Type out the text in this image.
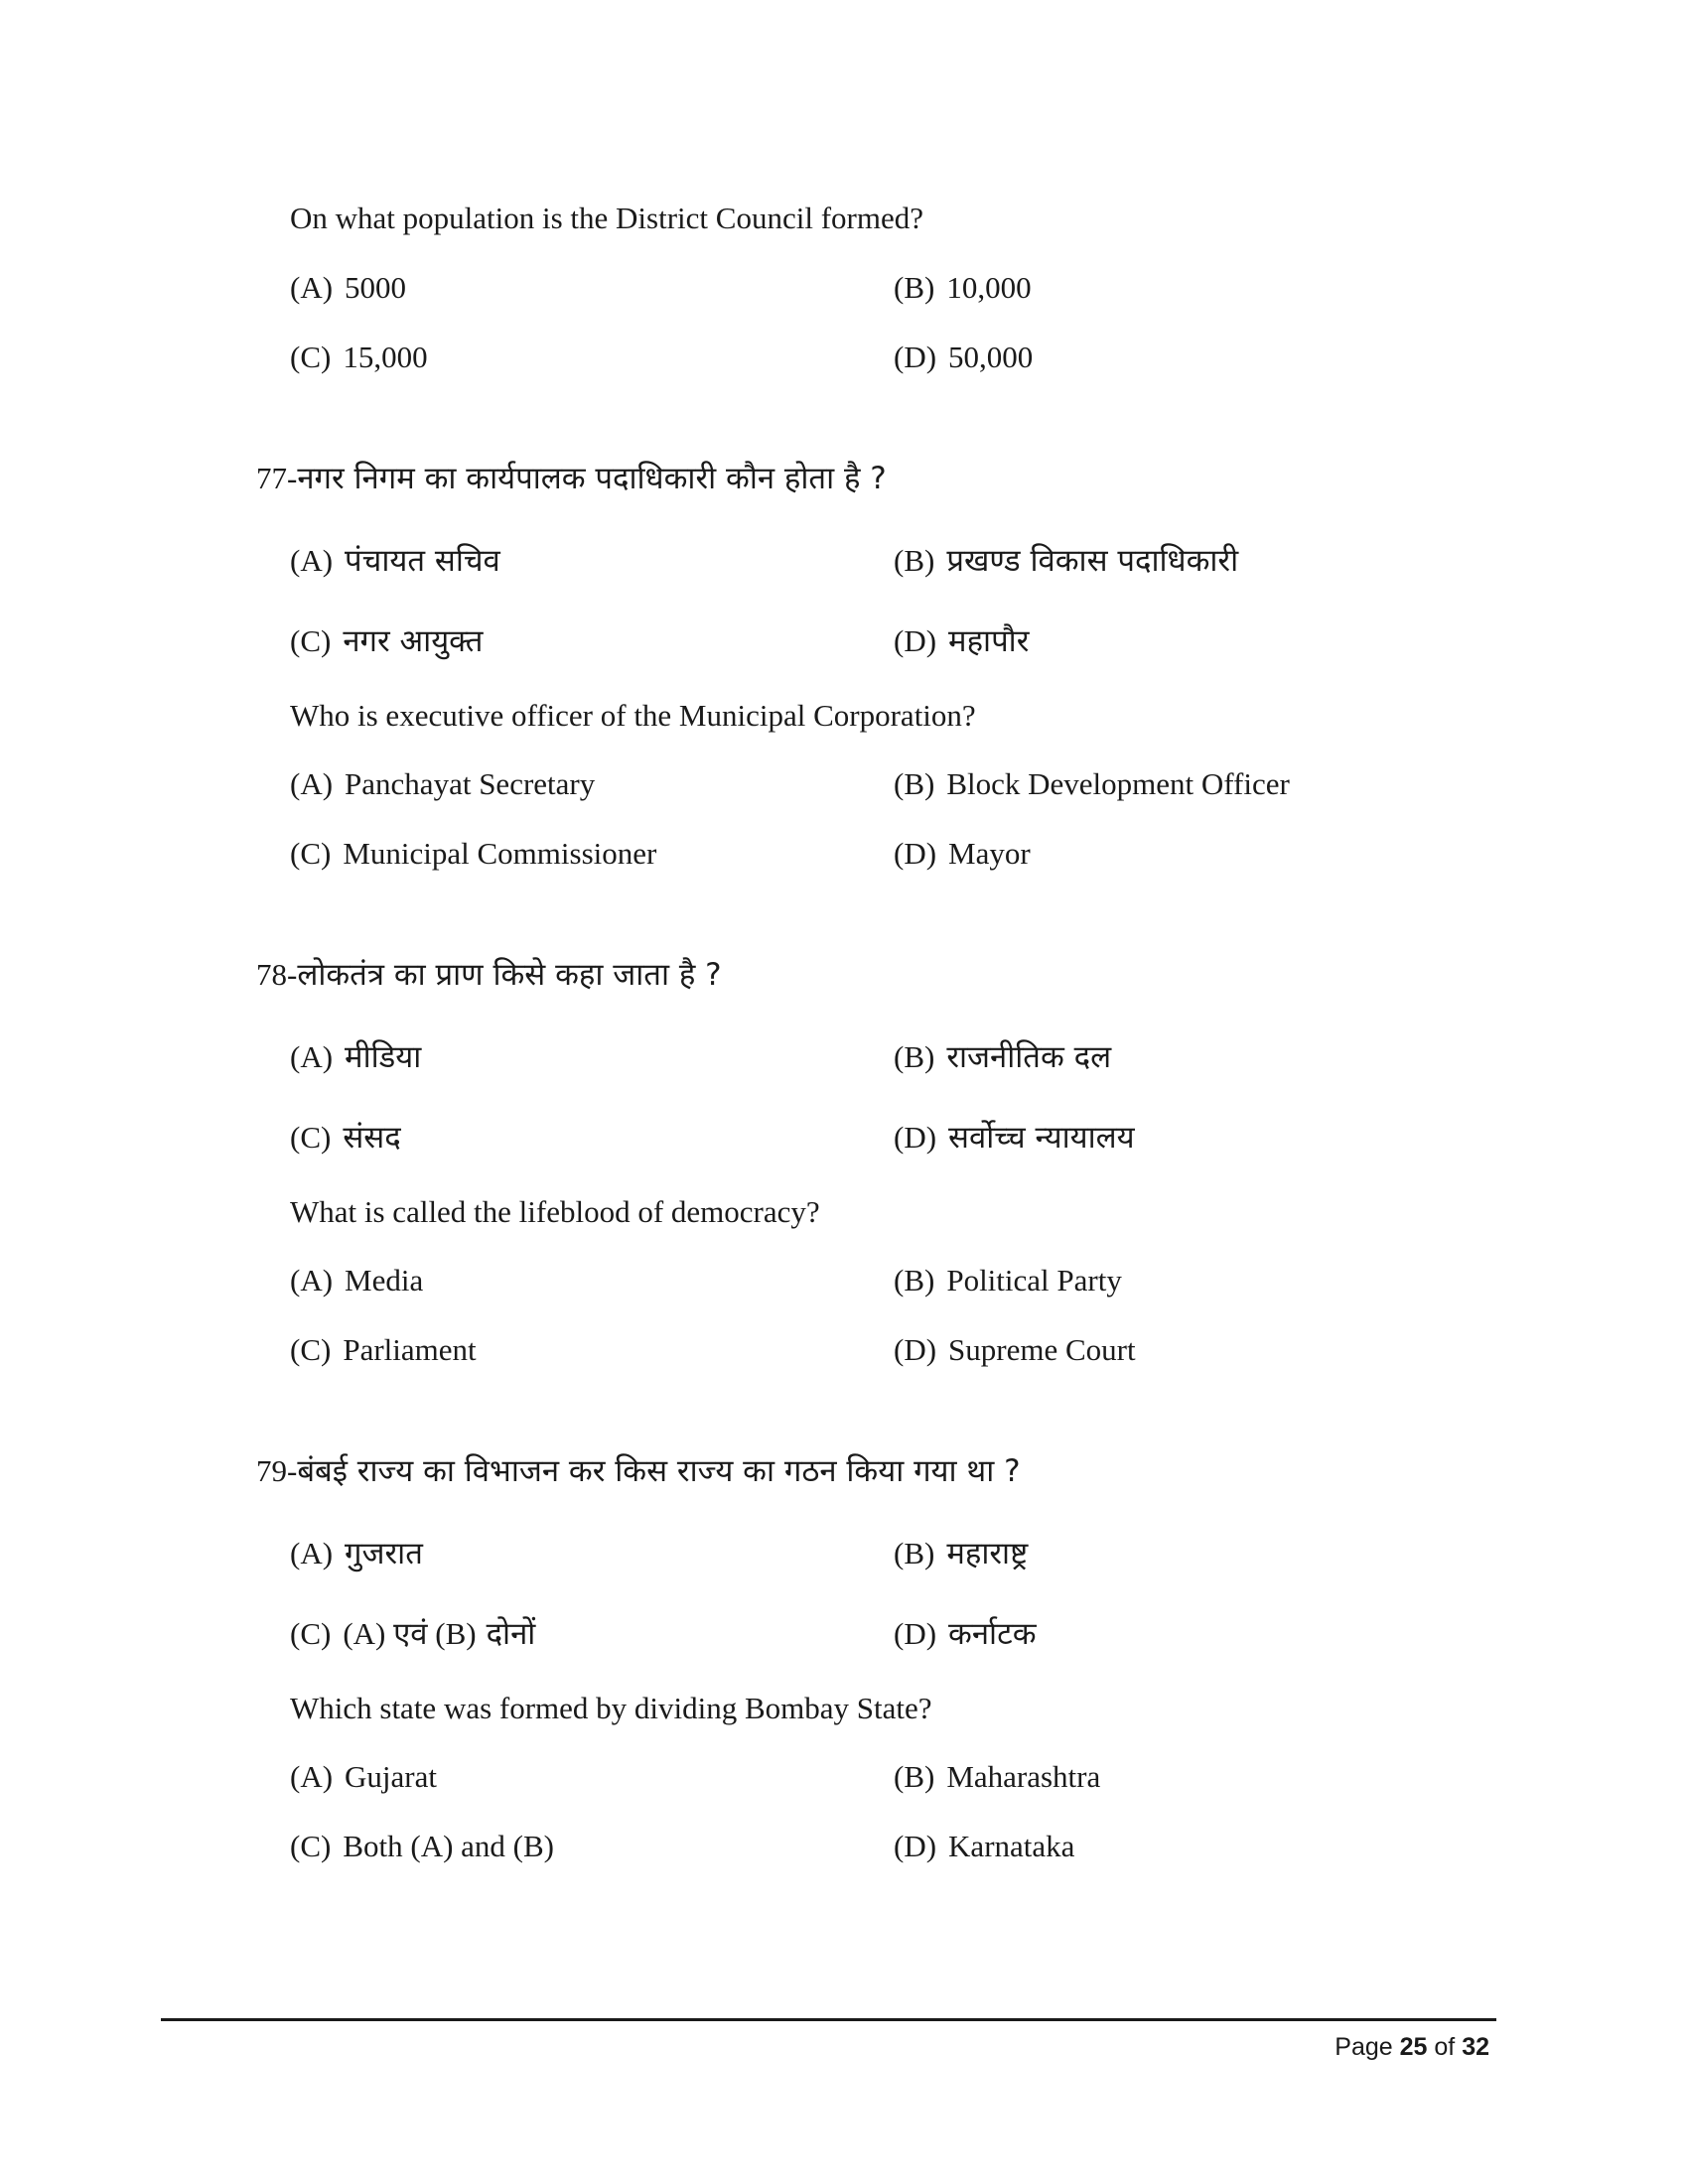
On what population is the District Council formed?
(A) 5000	(B) 10,000
(C) 15,000	(D) 50,000
77- नगर निगम का कार्यपालक पदाधिकारी कौन होता है ?
(A) पंचायत सचिव	(B) प्रखण्ड विकास पदाधिकारी
(C) नगर आयुक्त	(D) महापौर
Who is executive officer of the Municipal Corporation?
(A) Panchayat Secretary	(B) Block Development Officer
(C) Municipal Commissioner	(D) Mayor
78- लोकतंत्र का प्राण किसे कहा जाता है ?
(A) मीडिया	(B) राजनीतिक दल
(C) संसद	(D) सर्वोच्च न्यायालय
What is called the lifeblood of democracy?
(A) Media	(B) Political Party
(C) Parliament	(D) Supreme Court
79- बंबई राज्य का विभाजन कर किस राज्य का गठन किया गया था ?
(A) गुजरात	(B) महाराष्ट्र
(C) (A) एवं (B) दोनों	(D) कर्नाटक
Which state was formed by dividing Bombay State?
(A) Gujarat	(B) Maharashtra
(C) Both (A) and (B)	(D) Karnataka
Page 25 of 32
